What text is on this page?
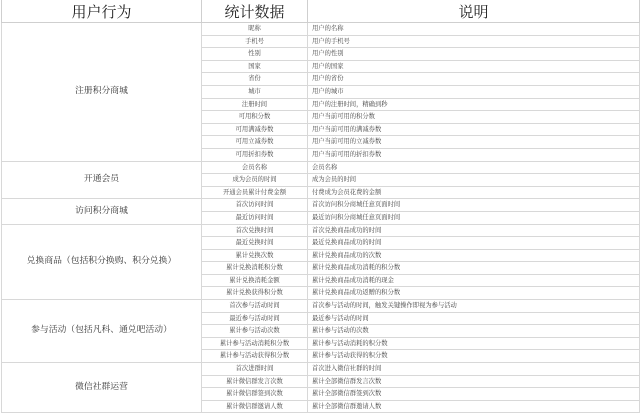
用户行为	统计数据	说明
注册积分商城	昵称	用户的名称
	手机号	用户的手机号
	性别	用户的性别
	国家	用户的国家
	省份	用户的省份
	城市	用户的城市
	注册时间	用户的注册时间，精确到秒
	可用积分数	用户当前可用的积分数
	可用满减券数	用户当前可用的满减券数
	可用立减券数	用户当前可用的立减券数
	可用折扣券数	用户当前可用的折扣券数
开通会员	会员名称	会员名称
	成为会员的时间	成为会员的时间
	开通会员累计付费金额	付费成为会员花费的金额
访问积分商城	首次访问时间	首次访问积分商城任意页面时间
	最近访问时间	最近访问积分商城任意页面时间
兑换商品（包括积分换购、积分兑换）	首次兑换时间	首次兑换商品成功的时间
	最近兑换时间	最近兑换商品成功的时间
	累计兑换次数	累计兑换商品成功的次数
	累计兑换消耗积分数	累计兑换商品成功消耗的积分数
	累计兑换消耗金额	累计兑换商品成功消耗的现金
	累计兑换获得积分数	累计兑换商品成功返赠的积分数
参与活动（包括凡科、通兑吧活动）	首次参与活动时间	首次参与活动的时间，触发关键操作即视为参与活动
	最近参与活动时间	最近参与活动的时间
	累计参与活动次数	累计参与活动的次数
	累计参与活动消耗积分数	累计参与活动消耗的积分数
	累计参与活动获得积分数	累计参与活动获得的积分数
微信社群运营	首次进群时间	首次进入微信社群的时间
	累计微信群发言次数	累计全部微信群发言次数
	累计微信群签到次数	累计全部微信群签到次数
	累计微信群邀请人数	累计全部微信群邀请人数
